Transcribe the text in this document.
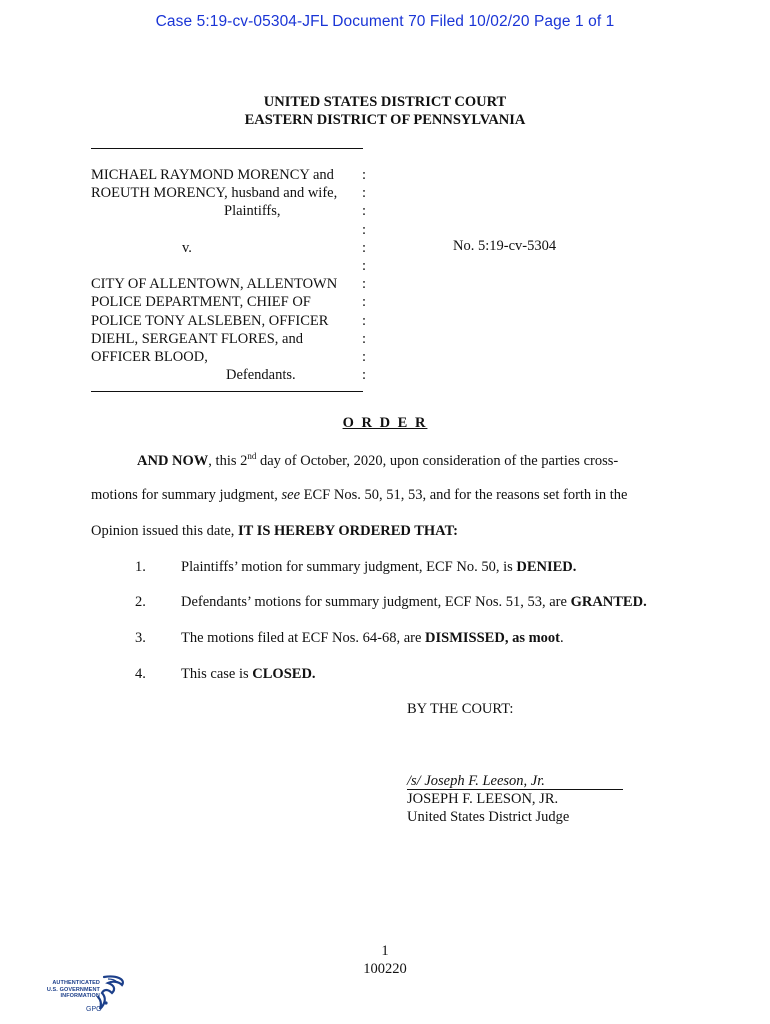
Case 5:19-cv-05304-JFL Document 70 Filed 10/02/20 Page 1 of 1
UNITED STATES DISTRICT COURT
EASTERN DISTRICT OF PENNSYLVANIA
MICHAEL RAYMOND MORENCY and
ROEUTH MORENCY, husband and wife,
Plaintiffs,
v.
CITY OF ALLENTOWN, ALLENTOWN
POLICE DEPARTMENT, CHIEF OF
POLICE TONY ALSLEBEN, OFFICER
DIEHL, SERGEANT FLORES, and
OFFICER BLOOD,
Defendants.
:
:
:
:
:
:
:
:
:
:
:
:
No. 5:19-cv-5304
O R D E R
AND NOW, this 2nd day of October, 2020, upon consideration of the parties cross-
motions for summary judgment, see ECF Nos. 50, 51, 53, and for the reasons set forth in the
Opinion issued this date, IT IS HEREBY ORDERED THAT:
1. Plaintiffs’ motion for summary judgment, ECF No. 50, is DENIED.
2. Defendants’ motions for summary judgment, ECF Nos. 51, 53, are GRANTED.
3. The motions filed at ECF Nos. 64-68, are DISMISSED, as moot.
4. This case is CLOSED.
BY THE COURT:
/s/ Joseph F. Leeson, Jr.
JOSEPH F. LEESON, JR.
United States District Judge
1
100220
AUTHENTICATED
U.S. GOVERNMENT
INFORMATION
GPO
